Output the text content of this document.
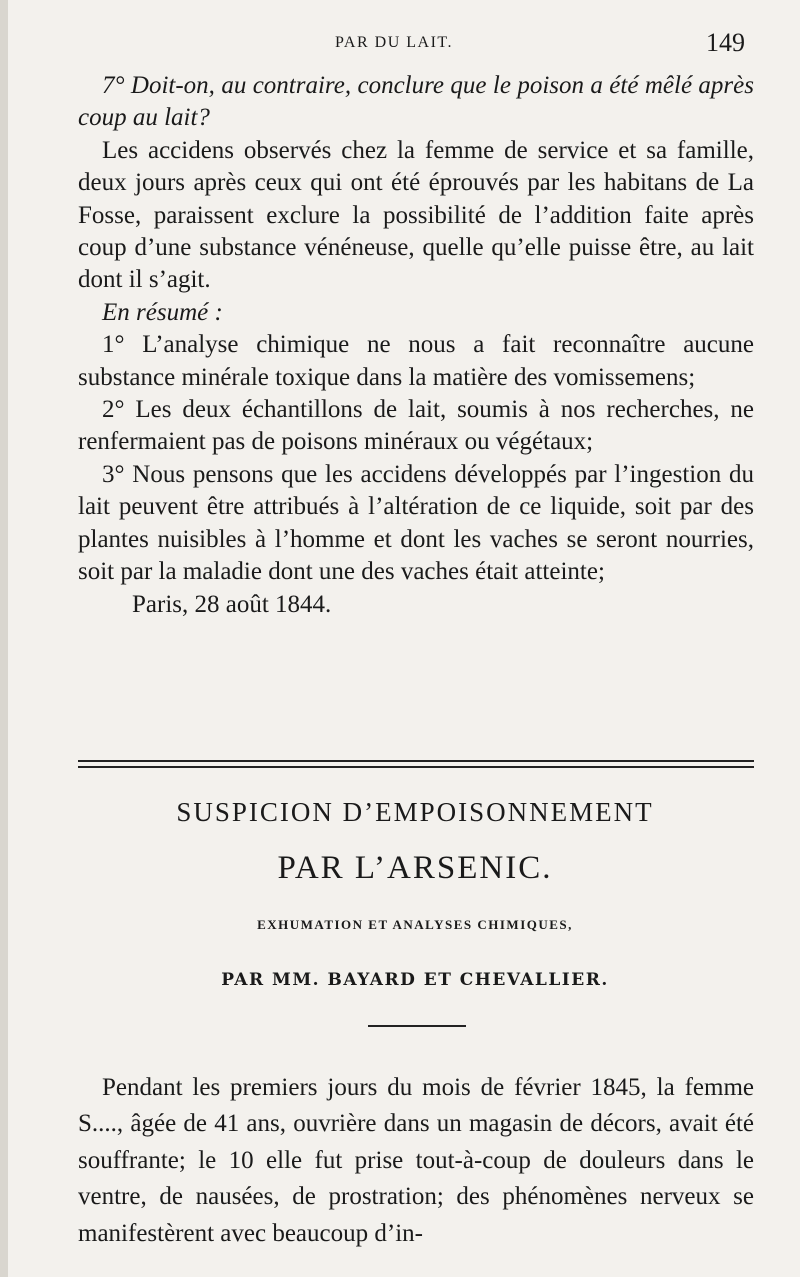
PAR DU LAIT.	149

7° Doit-on, au contraire, conclure que le poison a été mêlé après coup au lait?

Les accidens observés chez la femme de service et sa famille, deux jours après ceux qui ont été éprouvés par les habitans de La Fosse, paraissent exclure la possibilité de l’addition faite après coup d’une substance vénéneuse, quelle qu’elle puisse être, au lait dont il s’agit.

En résumé :

1° L’analyse chimique ne nous a fait reconnaître aucune substance minérale toxique dans la matière des vomissemens;

2° Les deux échantillons de lait, soumis à nos recherches, ne renfermaient pas de poisons minéraux ou végétaux;

3° Nous pensons que les accidens développés par l’ingestion du lait peuvent être attribués à l’altération de ce liquide, soit par des plantes nuisibles à l’homme et dont les vaches se seront nourries, soit par la maladie dont une des vaches était atteinte;

Paris, 28 août 1844.

SUSPICION D’EMPOISONNEMENT
PAR L’ARSENIC.
EXHUMATION ET ANALYSES CHIMIQUES,
PAR MM. BAYARD ET CHEVALLIER.

Pendant les premiers jours du mois de février 1845, la femme S...., âgée de 41 ans, ouvrière dans un magasin de décors, avait été souffrante; le 10 elle fut prise tout-à-coup de douleurs dans le ventre, de nausées, de prostration; des phénomènes nerveux se manifestèrent avec beaucoup d’in-
